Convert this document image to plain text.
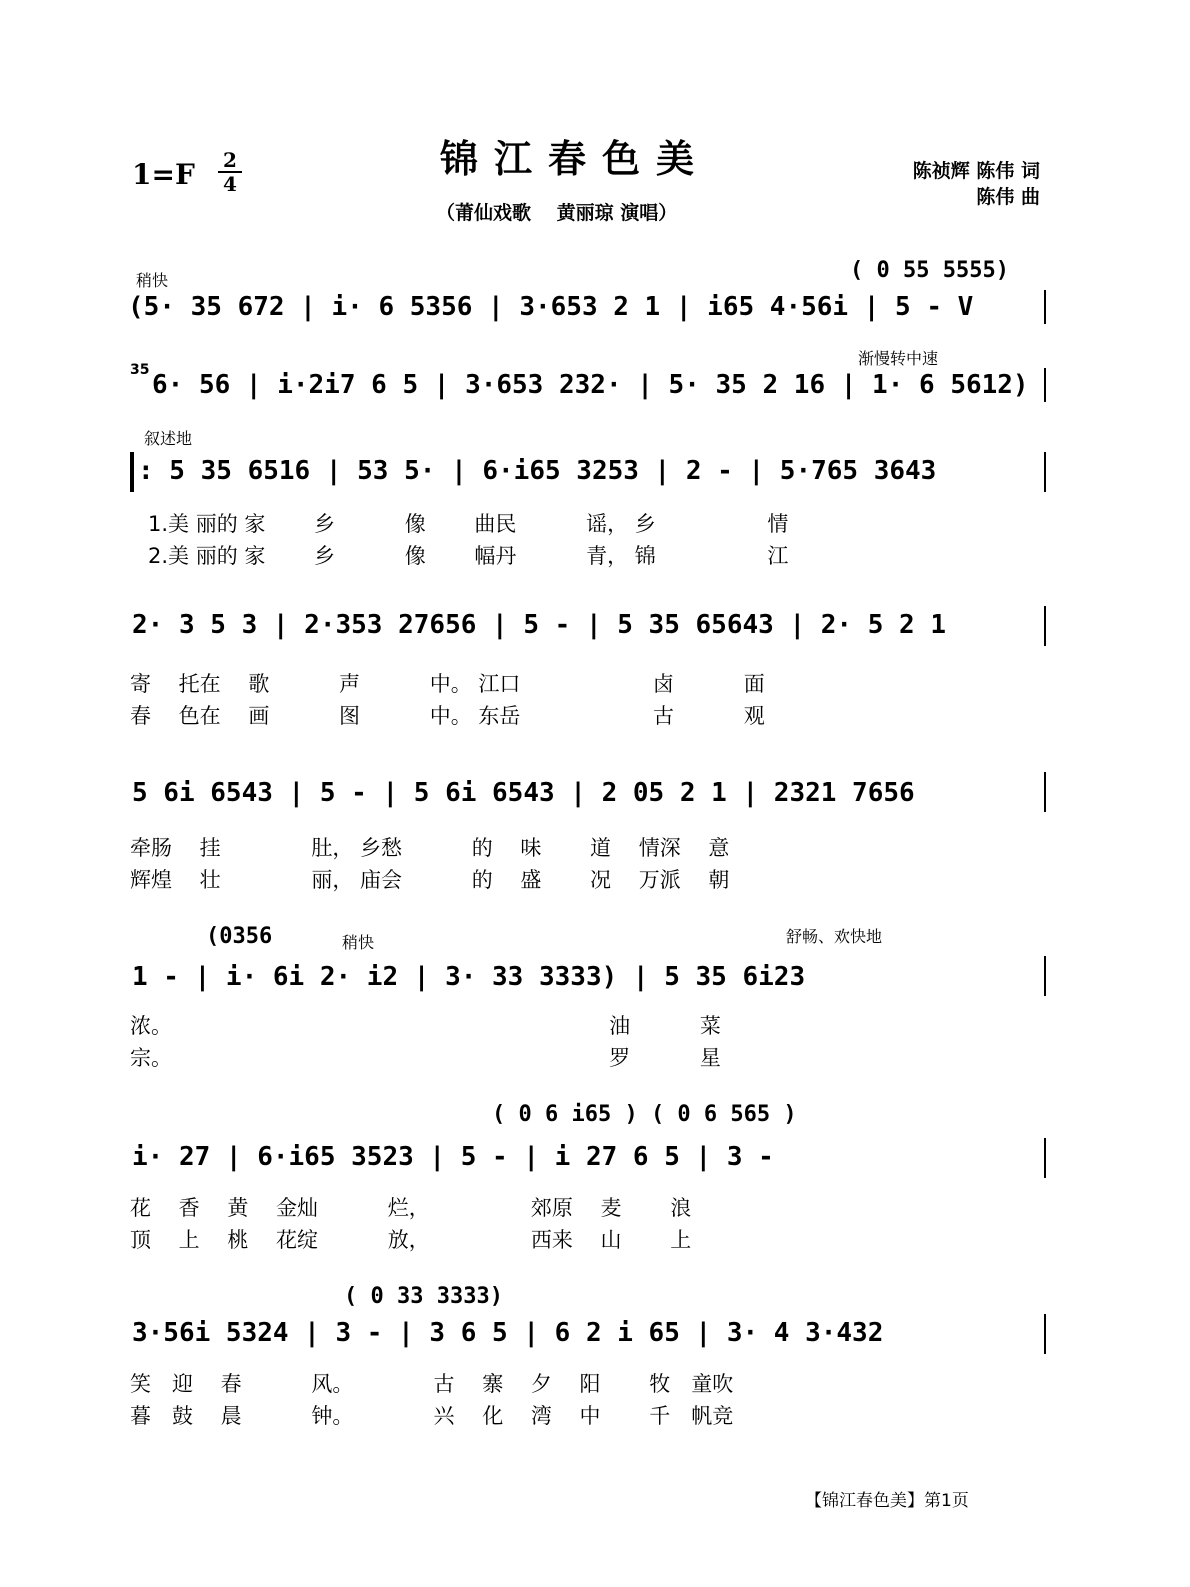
1=F 2
4
锦江春色美
（莆仙戏歌　 黄丽琼 演唱）
陈祯辉 陈伟 词
陈伟 曲
稍快	( 0 55 5555)
(5· 35 672 | i· 6 5356 | 3·653 2 1 | i65 4·56i | 5 - V
35
渐慢转中速
6· 56 | i·2i7 6 5 | 3·653 232· | 5· 35 2 16 | 1· 6 5612)
叙述地
: 5 35 6516 | 53 5· | 6·i65 3253 | 2 - | 5·765 3643
1.美 丽的 家　　 乡　　　 像　　 曲民　　　 谣， 乡　　　　　 情
2.美 丽的 家　　 乡　　　 像　　 幅丹　　　 青， 锦　　　　　 江
2· 3 5 3 | 2·353 27656 | 5 - | 5 35 65643 | 2· 5 2 1
寄　 托在　 歌　　　 声　　　 中。 江口　　　　　　 卤　　　 面
春　 色在　 画　　　 图　　　 中。 东岳　　　　　　 古　　　 观
5 6i 6543 | 5 - | 5 6i 6543 | 2 05 2 1 | 2321 7656
牵肠　 挂　　　　 肚， 乡愁　　　 的　 味　　 道　 情深　 意
辉煌　 壮　　　　 丽， 庙会　　　 的　 盛　　 况　 万派　 朝
(0356	稍快	舒畅、欢快地
1 - | i· 6i 2· i2 | 3· 33 3333) | 5 35 6i23
浓。　　　　　　　　　　　　　　　　　　　　　 油　　　 菜
宗。　　　　　　　　　　　　　　　　　　　　　 罗　　　 星
( 0 6 i65 ) ( 0 6 565 )
i· 27 | 6·i65 3523 | 5 - | i 27 6 5 | 3 -
花　 香　 黄　 金灿　　　 烂，　　　　　 郊原　 麦　　 浪
顶　 上　 桃　 花绽　　　 放，　　　　　 西来　 山　　 上
( 0 33 3333)
3·56i 5324 | 3 - | 3 6 5 | 6 2 i 65 | 3· 4 3·432
笑　迎　 春　　　 风。　　　　 古　 寨　 夕　 阳　　 牧　童吹
暮　鼓　 晨　　　 钟。　　　　 兴　 化　 湾　 中　　 千　帆竞
【锦江春色美】第1页
